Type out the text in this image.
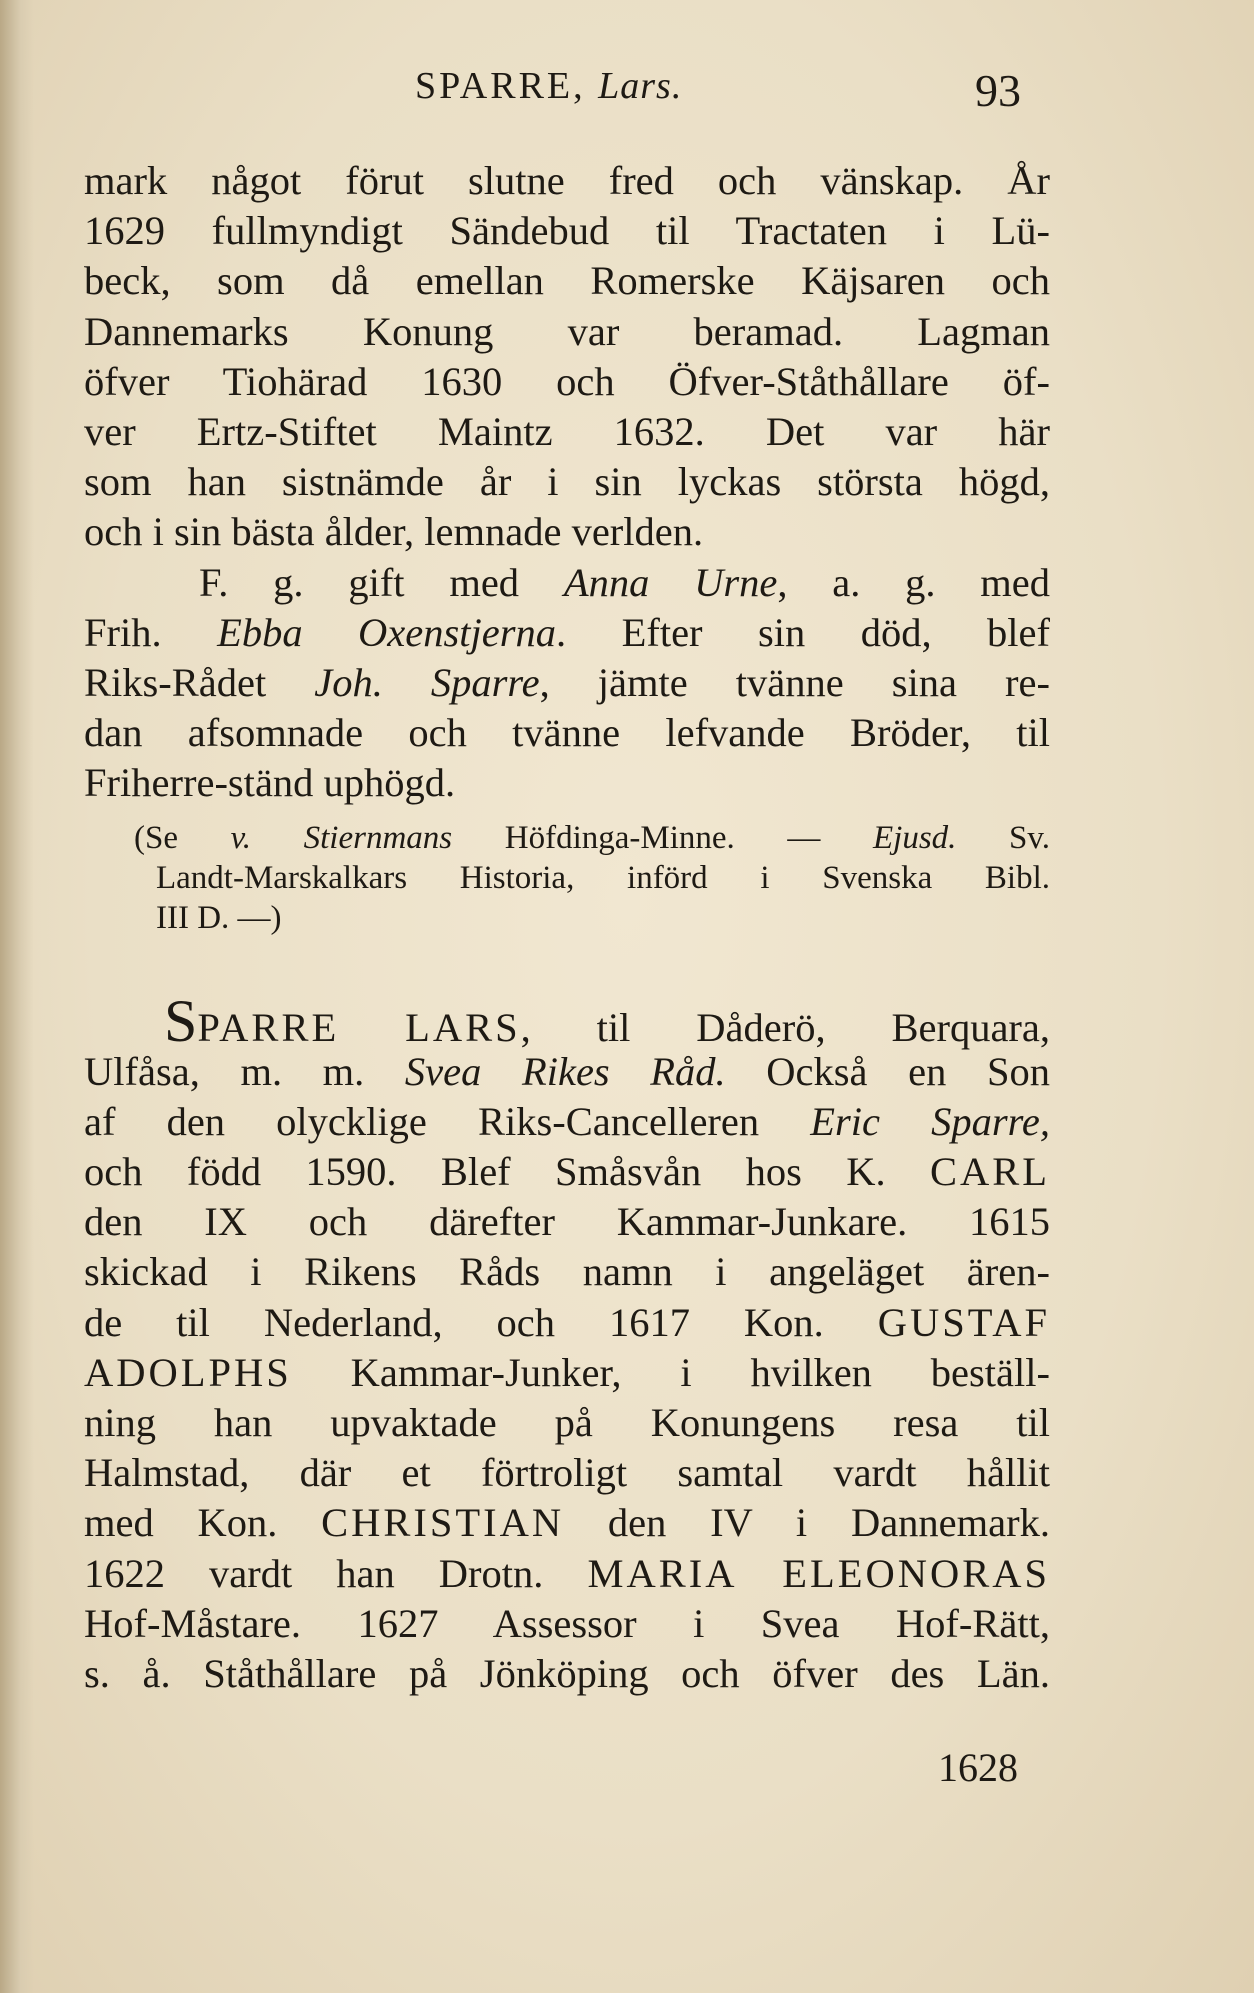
SPARRE, Lars.	93
mark något förut slutne fred och vänskap. År
1629 fullmyndigt Sändebud til Tractaten i Lü-
beck, som då emellan Romerske Käjsaren och
Dannemarks Konung var beramad. Lagman
öfver Tiohärad 1630 och Öfver-Ståthållare öf-
ver Ertz-Stiftet Maintz 1632. Det var här
som han sistnämde år i sin lyckas största högd,
och i sin bästa ålder, lemnade verlden.
F. g. gift med Anna Urne, a. g. med
Frih. Ebba Oxenstjerna. Efter sin död, blef
Riks-Rådet Joh. Sparre, jämte tvänne sina re-
dan afsomnade och tvänne lefvande Bröder, til
Friherre-ständ uphögd.
(Se v. Stiernmans Höfdinga-Minne. — Ejusd. Sv.
Landt-Marskalkars Historia, införd i Svenska Bibl.
III D. —)
SPARRE LARS, til Dåderö, Berquara,
Ulfåsa, m. m. Svea Rikes Råd. Också en Son
af den olycklige Riks-Cancelleren Eric Sparre,
och född 1590. Blef Småsvån hos K. CARL
den IX och därefter Kammar-Junkare. 1615
skickad i Rikens Råds namn i angeläget ären-
de til Nederland, och 1617 Kon. GUSTAF
ADOLPHS Kammar-Junker, i hvilken beställ-
ning han upvaktade på Konungens resa til
Halmstad, där et förtroligt samtal vardt hållit
med Kon. CHRISTIAN den IV i Dannemark.
1622 vardt han Drotn. MARIA ELEONORAS
Hof-Måstare. 1627 Assessor i Svea Hof-Rätt,
s. å. Ståthållare på Jönköping och öfver des Län.
1628
